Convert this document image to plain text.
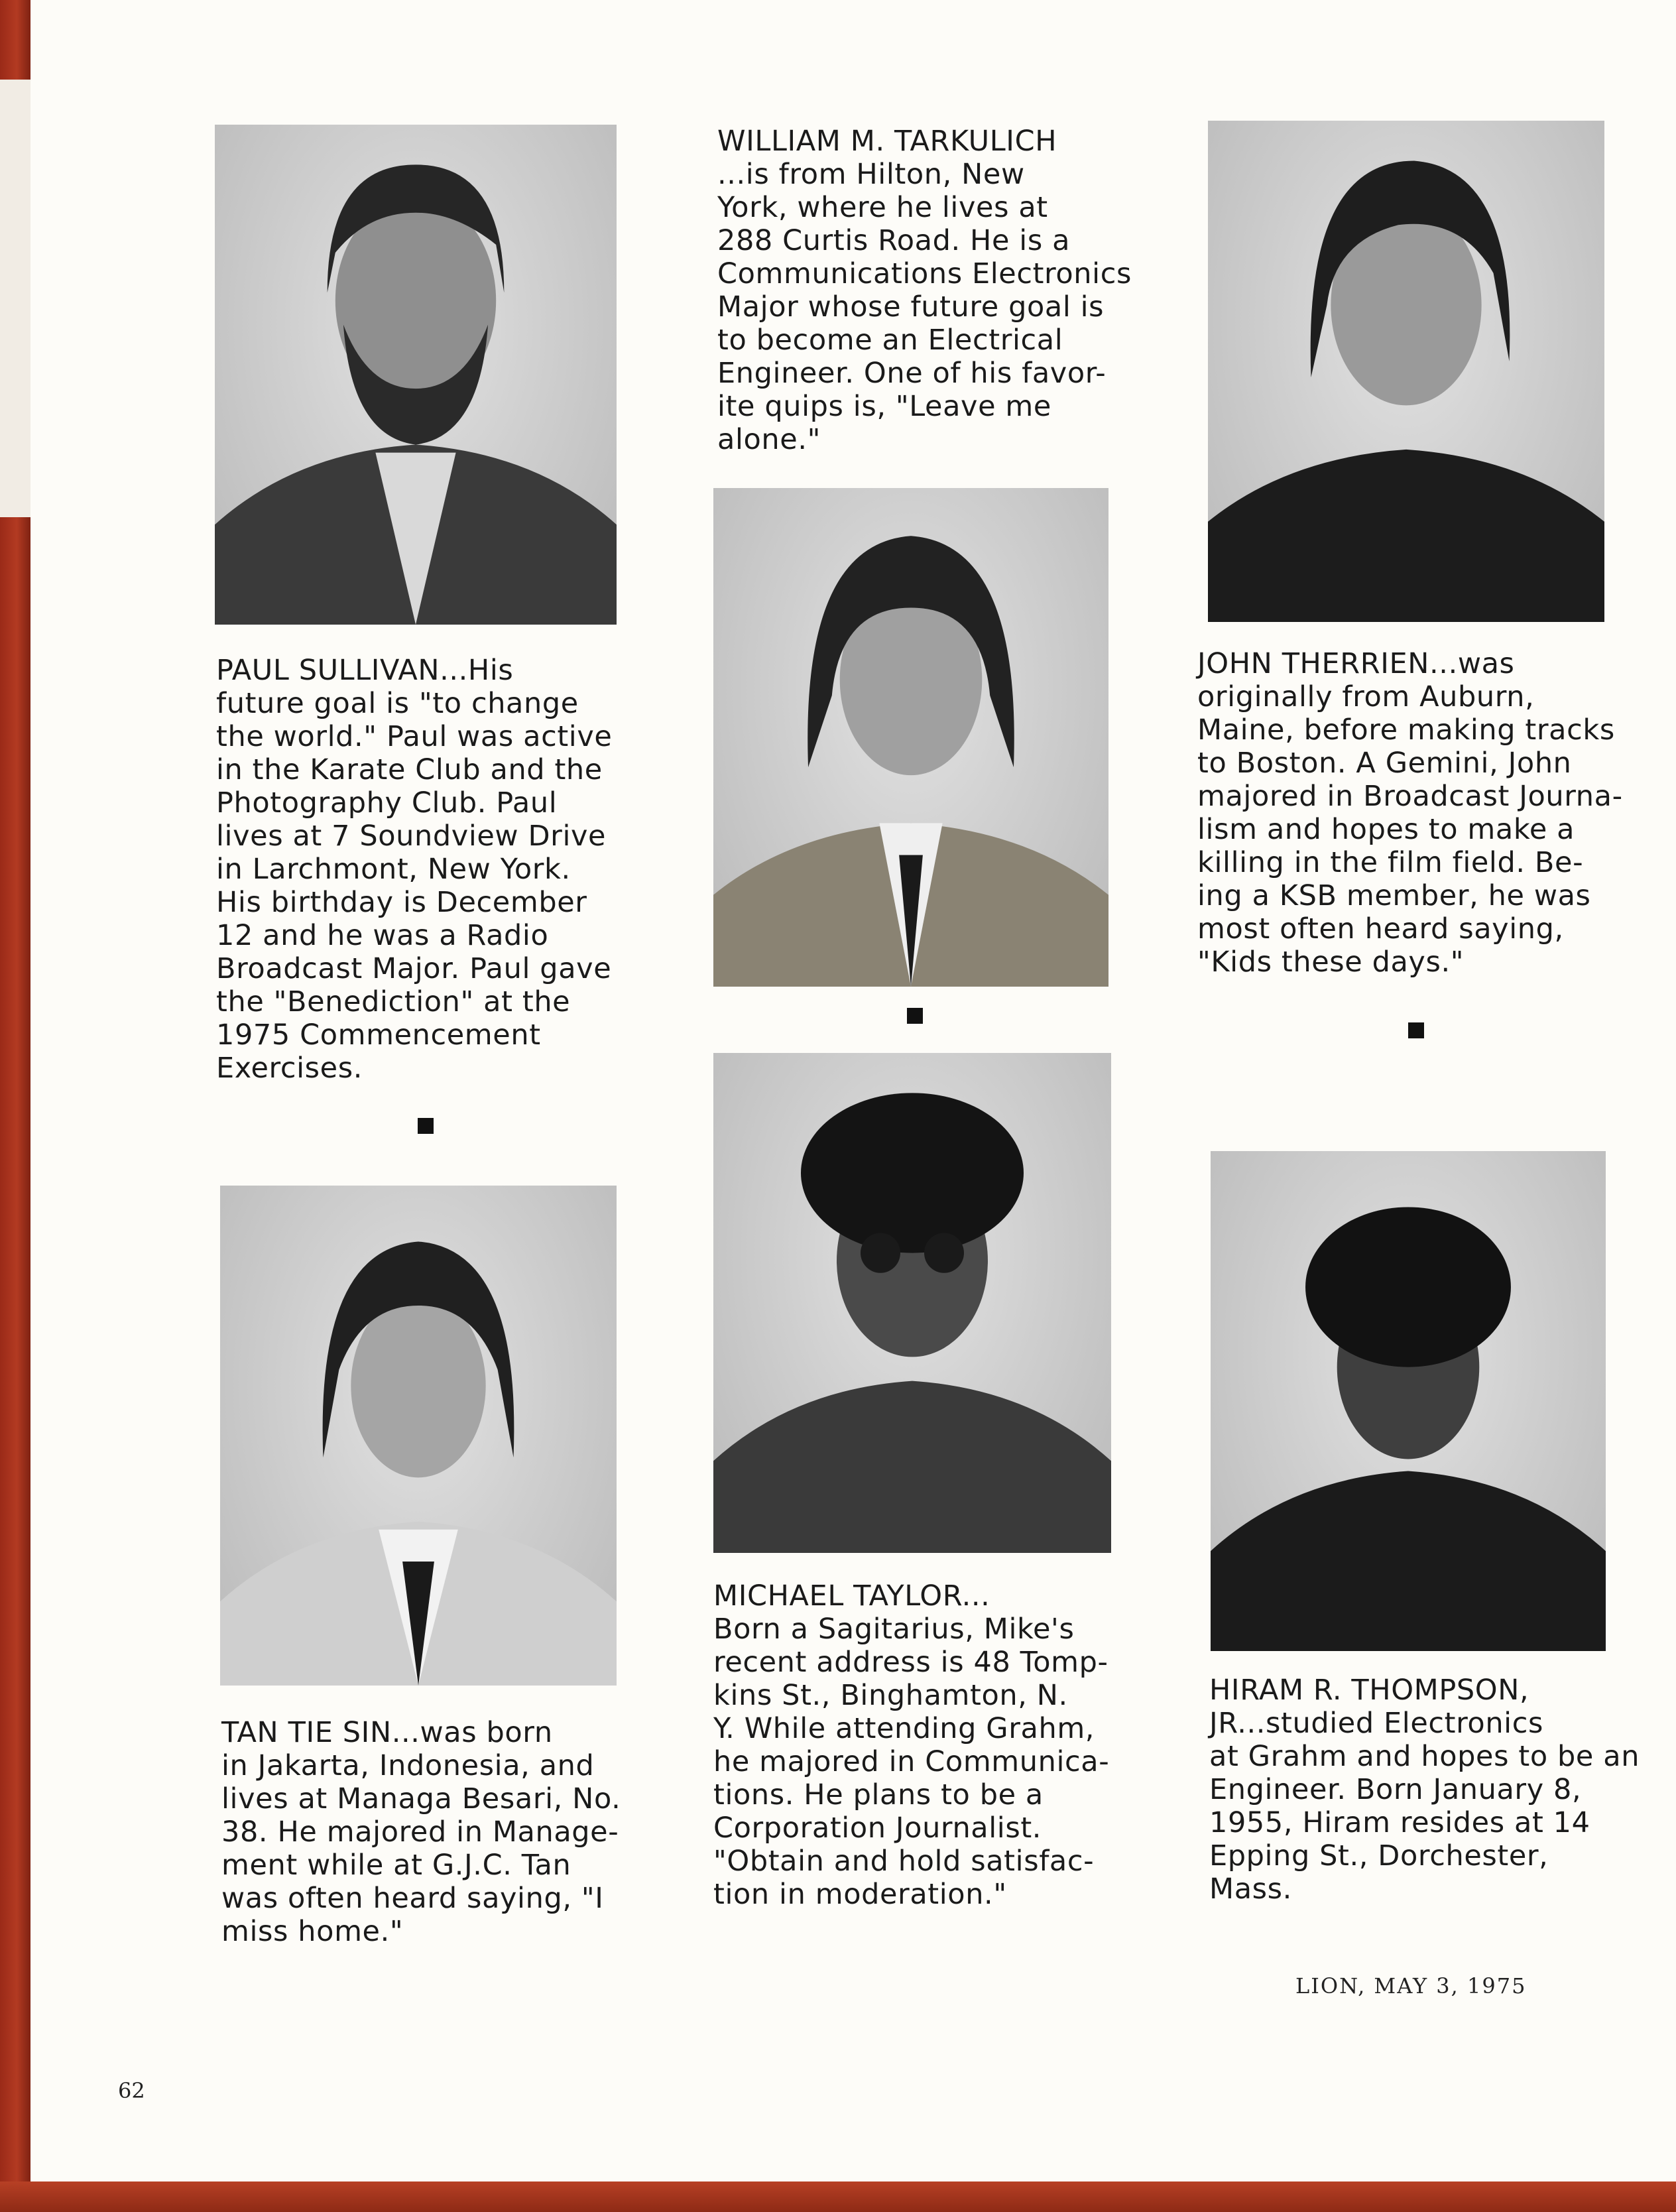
PAUL SULLIVAN...His
future goal is "to change
the world." Paul was active
in the Karate Club and the
Photography Club. Paul
lives at 7 Soundview Drive
in Larchmont, New York.
His birthday is December
12 and he was a Radio
Broadcast Major. Paul gave
the "Benediction" at the
1975 Commencement
Exercises.

WILLIAM M. TARKULICH
...is from Hilton, New
York, where he lives at
288 Curtis Road. He is a
Communications Electronics
Major whose future goal is
to become an Electrical
Engineer. One of his favor-
ite quips is, "Leave me
alone."

JOHN THERRIEN...was
originally from Auburn,
Maine, before making tracks
to Boston. A Gemini, John
majored in Broadcast Journa-
lism and hopes to make a
killing in the film field. Be-
ing a KSB member, he was
most often heard saying,
"Kids these days."

TAN TIE SIN...was born
in Jakarta, Indonesia, and
lives at Managa Besari, No.
38. He majored in Manage-
ment while at G.J.C. Tan
was often heard saying, "I
miss home."

MICHAEL TAYLOR...
Born a Sagitarius, Mike's
recent address is 48 Tomp-
kins St., Binghamton, N.
Y. While attending Grahm,
he majored in Communica-
tions. He plans to be a
Corporation Journalist.
"Obtain and hold satisfac-
tion in moderation."

HIRAM R. THOMPSON,
JR...studied Electronics
at Grahm and hopes to be an
Engineer. Born January 8,
1955, Hiram resides at 14
Epping St., Dorchester,
Mass.

LION, MAY 3, 1975

62
